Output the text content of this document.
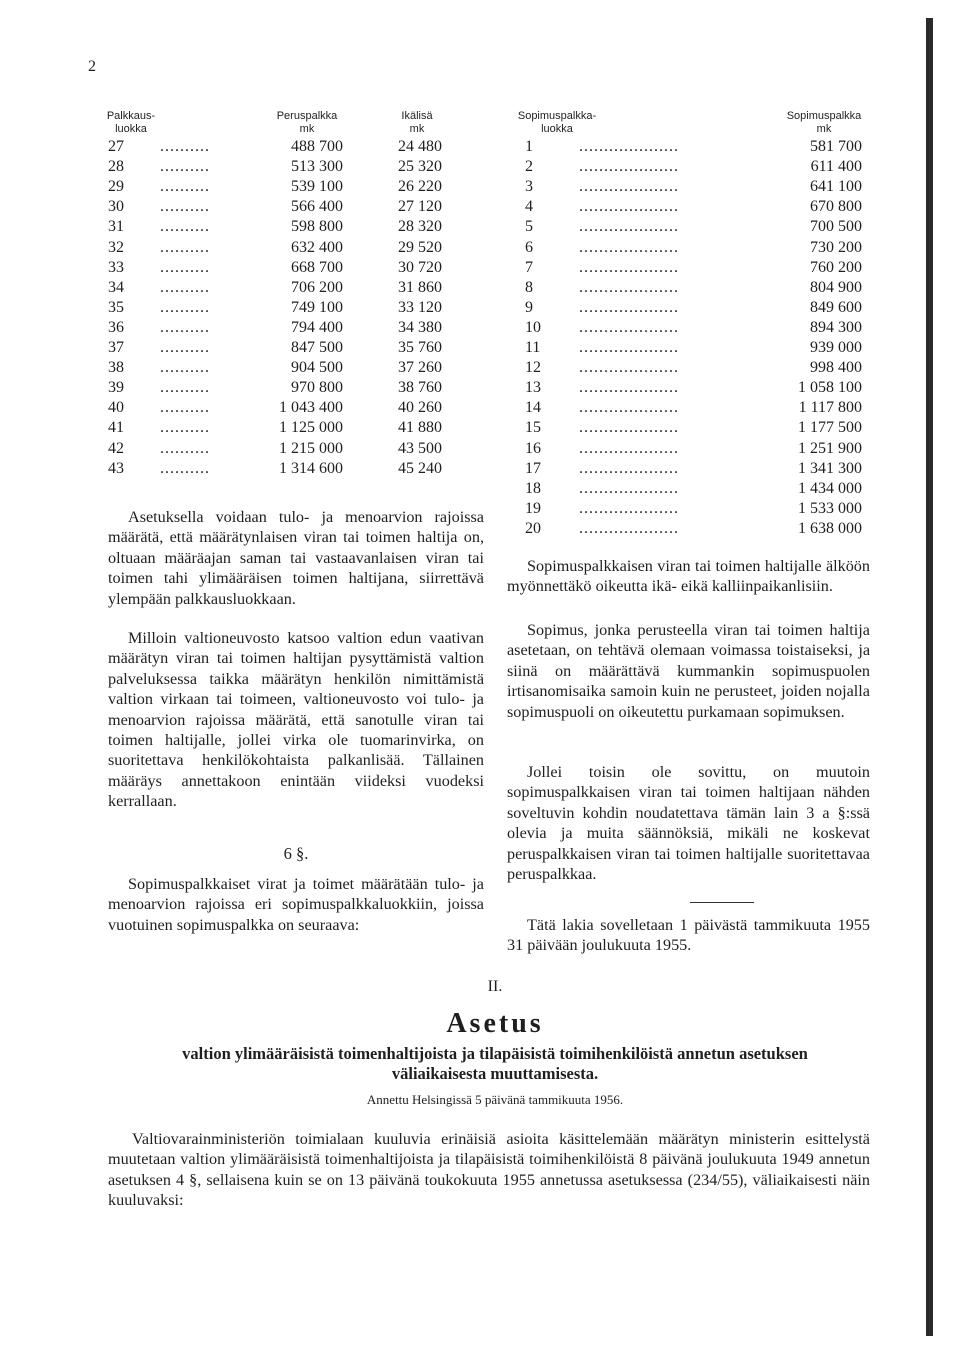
2
Palkkaus-
luokka
Peruspalkka
mk
Ikälisä
mk
27 ..........	488 700	24 480
28 ..........	513 300	25 320
29 ..........	539 100	26 220
30 ..........	566 400	27 120
31 ..........	598 800	28 320
32 ..........	632 400	29 520
33 ..........	668 700	30 720
34 ..........	706 200	31 860
35 ..........	749 100	33 120
36 ..........	794 400	34 380
37 ..........	847 500	35 760
38 ..........	904 500	37 260
39 ..........	970 800	38 760
40 ..........	1 043 400	40 260
41 ..........	1 125 000	41 880
42 ..........	1 215 000	43 500
43 ..........	1 314 600	45 240
Sopimuspalkka-
luokka
Sopimuspalkka
mk
1	....................	581 700
2	....................	611 400
3	....................	641 100
4	....................	670 800
5	....................	700 500
6	....................	730 200
7	....................	760 200
8	....................	804 900
9	....................	849 600
10 ....................	894 300
11 ....................	939 000
12 ....................	998 400
13 ....................	1 058 100
14 ....................	1 117 800
15 ....................	1 177 500
16 ....................	1 251 900
17 ....................	1 341 300
18 ....................	1 434 000
19 ....................	1 533 000
20 ....................	1 638 000

Asetuksella voidaan tulo- ja menoarvion rajoissa määrätä, että määrätynlaisen viran tai toimen haltija on, oltuaan määräajan saman tai vastaavanlaisen viran tai toimen tahi ylimääräisen toimen haltijana, siirrettävä ylempään palkkausluokkaan.

Milloin valtioneuvosto katsoo valtion edun vaativan määrätyn viran tai toimen haltijan pysyttämistä valtion palveluksessa taikka määrätyn henkilön nimittämistä valtion virkaan tai toimeen, valtioneuvosto voi tulo- ja menoarvion rajoissa määrätä, että sanotulle viran tai toimen haltijalle, jollei virka ole tuomarinvirka, on suoritettava henkilökohtaista palkanlisää. Tällainen määräys annettakoon enintään viideksi vuodeksi kerrallaan.

6 §.

Sopimuspalkkaiset virat ja toimet määrätään tulo- ja menoarvion rajoissa eri sopimuspalkkaluokkiin, joissa vuotuinen sopimuspalkka on seuraava:

Sopimuspalkkaisen viran tai toimen haltijalle älköön myönnettäkö oikeutta ikä- eikä kalliinpaikanlisiin.

Sopimus, jonka perusteella viran tai toimen haltija asetetaan, on tehtävä olemaan voimassa toistaiseksi, ja siinä on määrättävä kummankin sopimuspuolen irtisanomisaika samoin kuin ne perusteet, joiden nojalla sopimuspuoli on oikeutettu purkamaan sopimuksen.

Jollei toisin ole sovittu, on muutoin sopimuspalkkaisen viran tai toimen haltijaan nähden soveltuvin kohdin noudatettava tämän lain 3 a §:ssä olevia ja muita säännöksiä, mikäli ne koskevat peruspalkkaisen viran tai toimen haltijalle suoritettavaa peruspalkkaa.

Tätä lakia sovelletaan 1 päivästä tammikuuta 1955 31 päivään joulukuuta 1955.

II.
Asetus
valtion ylimääräisistä toimenhaltijoista ja tilapäisistä toimihenkilöistä annetun asetuksen väliaikaisesta muuttamisesta.
Annettu Helsingissä 5 päivänä tammikuuta 1956.

Valtiovarainministeriön toimialaan kuuluvia erinäisiä asioita käsittelemään määrätyn ministerin esittelystä muutetaan valtion ylimääräisistä toimenhaltijoista ja tilapäisistä toimihenkilöistä 8 päivänä joulukuuta 1949 annetun asetuksen 4 §, sellaisena kuin se on 13 päivänä toukokuuta 1955 annetussa asetuksessa (234/55), väliaikaisesti näin kuuluvaksi:
